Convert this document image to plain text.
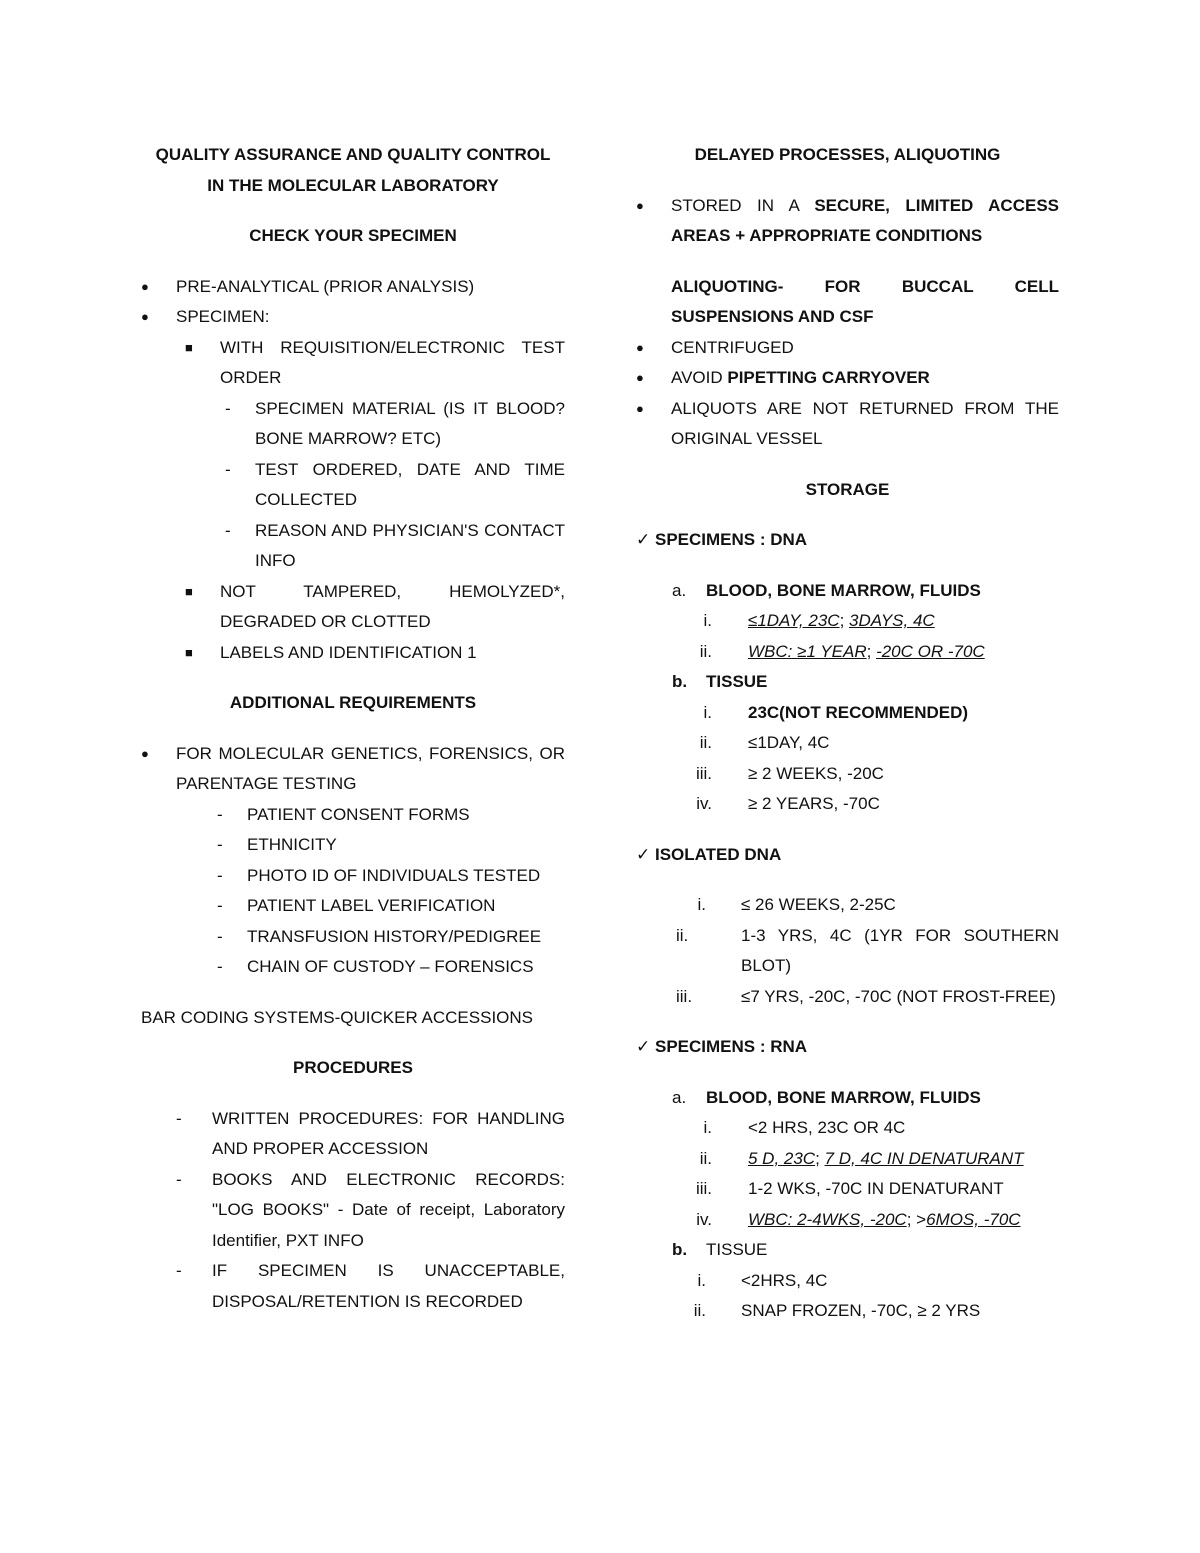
QUALITY ASSURANCE AND QUALITY CONTROL
IN THE MOLECULAR LABORATORY
CHECK YOUR SPECIMEN
● PRE-ANALYTICAL (PRIOR ANALYSIS)
● SPECIMEN:
■ WITH REQUISITION/ELECTRONIC TEST ORDER
- SPECIMEN MATERIAL (IS IT BLOOD? BONE MARROW? ETC)
- TEST ORDERED, DATE AND TIME COLLECTED
- REASON AND PHYSICIAN'S CONTACT INFO
■ NOT TAMPERED, HEMOLYZED*, DEGRADED OR CLOTTED
■ LABELS AND IDENTIFICATION 1
ADDITIONAL REQUIREMENTS
● FOR MOLECULAR GENETICS, FORENSICS, OR PARENTAGE TESTING
- PATIENT CONSENT FORMS
- ETHNICITY
- PHOTO ID OF INDIVIDUALS TESTED
- PATIENT LABEL VERIFICATION
- TRANSFUSION HISTORY/PEDIGREE
- CHAIN OF CUSTODY – FORENSICS
BAR CODING SYSTEMS-QUICKER ACCESSIONS
PROCEDURES
- WRITTEN PROCEDURES: FOR HANDLING AND PROPER ACCESSION
- BOOKS AND ELECTRONIC RECORDS: "LOG BOOKS" - Date of receipt, Laboratory Identifier, PXT INFO
- IF SPECIMEN IS UNACCEPTABLE, DISPOSAL/RETENTION IS RECORDED
DELAYED PROCESSES, ALIQUOTING
● STORED IN A SECURE, LIMITED ACCESS AREAS + APPROPRIATE CONDITIONS
ALIQUOTING- FOR BUCCAL CELL SUSPENSIONS AND CSF
● CENTRIFUGED
● AVOID PIPETTING CARRYOVER
● ALIQUOTS ARE NOT RETURNED FROM THE ORIGINAL VESSEL
STORAGE
✓ SPECIMENS : DNA
a. BLOOD, BONE MARROW, FLUIDS
i. ≤1DAY, 23C; 3DAYS, 4C
ii. WBC: ≥1 YEAR; -20C OR -70C
b. TISSUE
i. 23C(NOT RECOMMENDED)
ii. ≤1DAY, 4C
iii. ≥ 2 WEEKS, -20C
iv. ≥ 2 YEARS, -70C
✓ ISOLATED DNA
i. ≤ 26 WEEKS, 2-25C
ii.	1-3 YRS, 4C (1YR FOR SOUTHERN BLOT)
iii.	≤7 YRS, -20C, -70C (NOT FROST-FREE)
✓ SPECIMENS : RNA
a. BLOOD, BONE MARROW, FLUIDS
i. <2 HRS, 23C OR 4C
ii. 5 D, 23C; 7 D, 4C IN DENATURANT
iii. 1-2 WKS, -70C IN DENATURANT
iv. WBC: 2-4WKS, -20C; >6MOS, -70C
b. TISSUE
i. <2HRS, 4C
ii. SNAP FROZEN, -70C, ≥ 2 YRS
